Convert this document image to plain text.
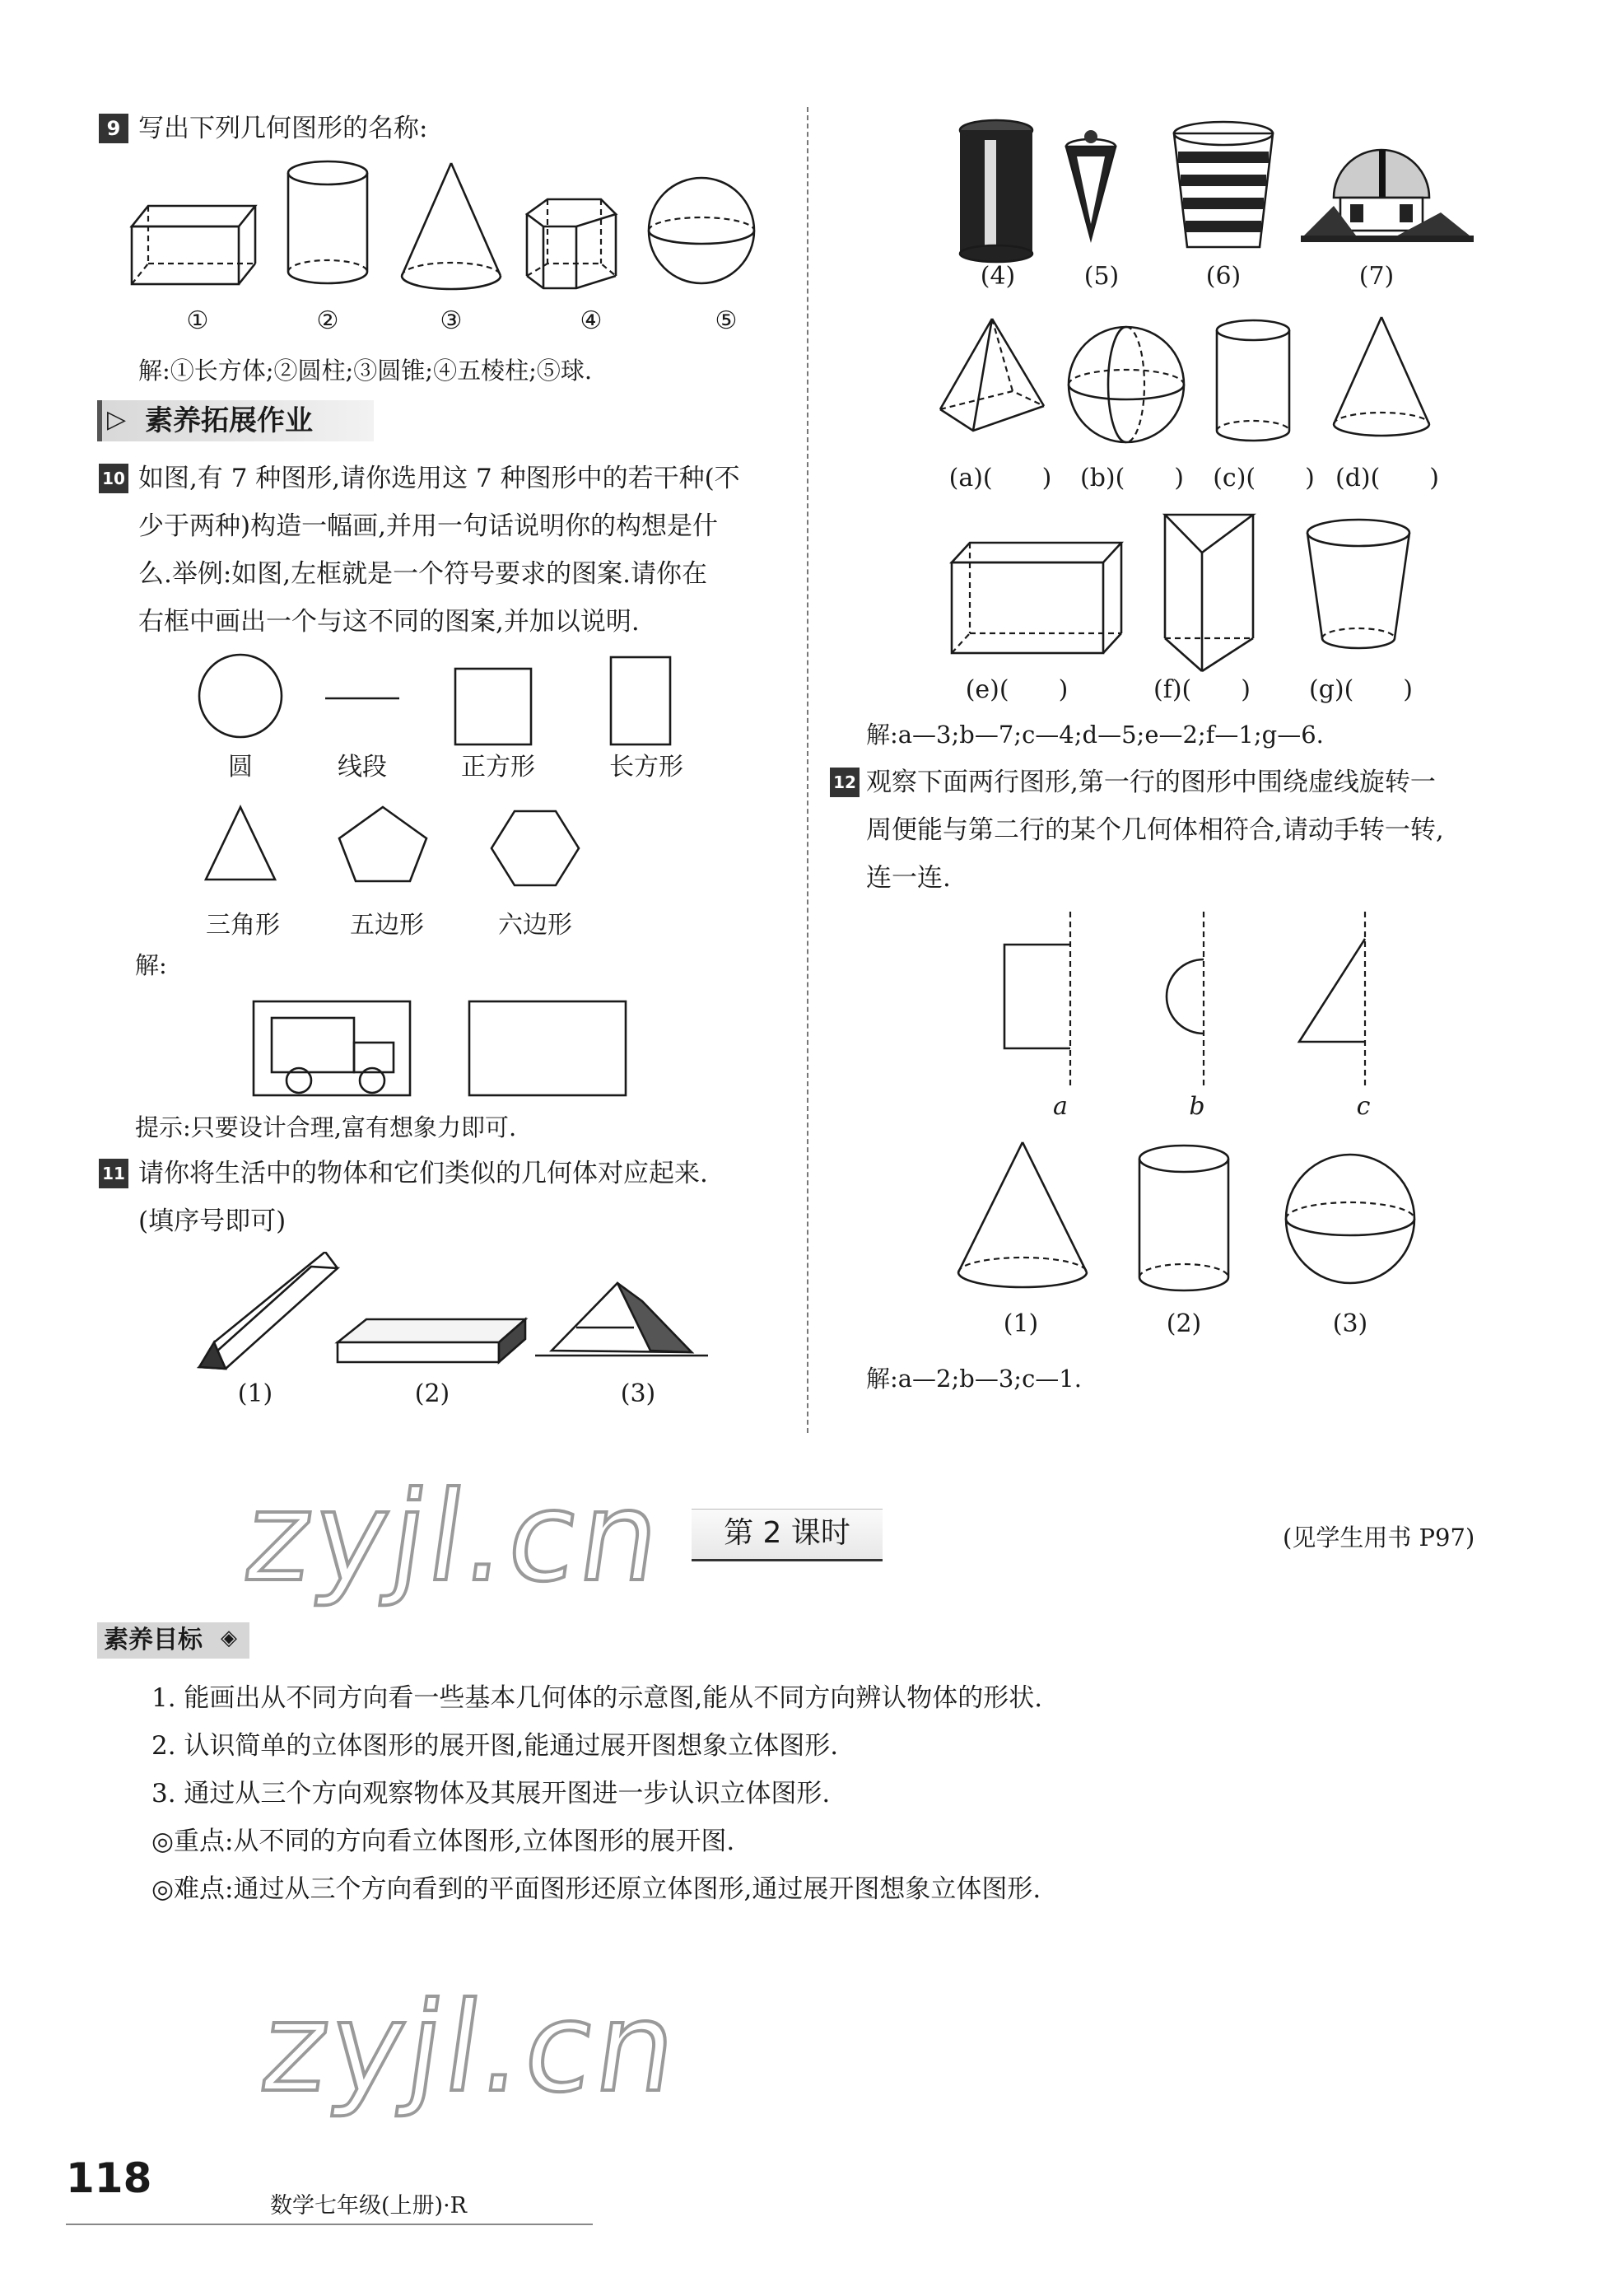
9 写出下列几何图形的名称:
①	②	③	④	⑤
解:①长方体;②圆柱;③圆锥;④五棱柱;⑤球.
▷ 素养拓展作业
10 如图,有 7 种图形,请你选用这 7 种图形中的若干种(不
少于两种)构造一幅画,并用一句话说明你的构想是什
么.举例:如图,左框就是一个符号要求的图案.请你在
右框中画出一个与这不同的图案,并加以说明.
圆	线段	正方形	长方形
三角形	五边形	六边形
解:
提示:只要设计合理,富有想象力即可.
11 请你将生活中的物体和它们类似的几何体对应起来.
(填序号即可)
(1)	(2)	(3)
(4)	(5)	(6)	(7)
(a)(　　)	(b)(　　)	(c)(　　) (d)(　　)
(e)(　　)	(f)(　　)	(g)(　　)
解:a—3;b—7;c—4;d—5;e—2;f—1;g—6.
12 观察下面两行图形,第一行的图形中围绕虚线旋转一
周便能与第二行的某个几何体相符合,请动手转一转,
连一连.
a	b	c
(1)	(2)	(3)
解:a—2;b—3;c—1.
zyjl.cn	第 2 课时	(见学生用书 P97)
素养目标 ◈
1. 能画出从不同方向看一些基本几何体的示意图,能从不同方向辨认物体的形状.
2. 认识简单的立体图形的展开图,能通过展开图想象立体图形.
3. 通过从三个方向观察物体及其展开图进一步认识立体图形.
◎重点:从不同的方向看立体图形,立体图形的展开图.
◎难点:通过从三个方向看到的平面图形还原立体图形,通过展开图想象立体图形.
zyjl.cn
118
数学七年级(上册)·R
